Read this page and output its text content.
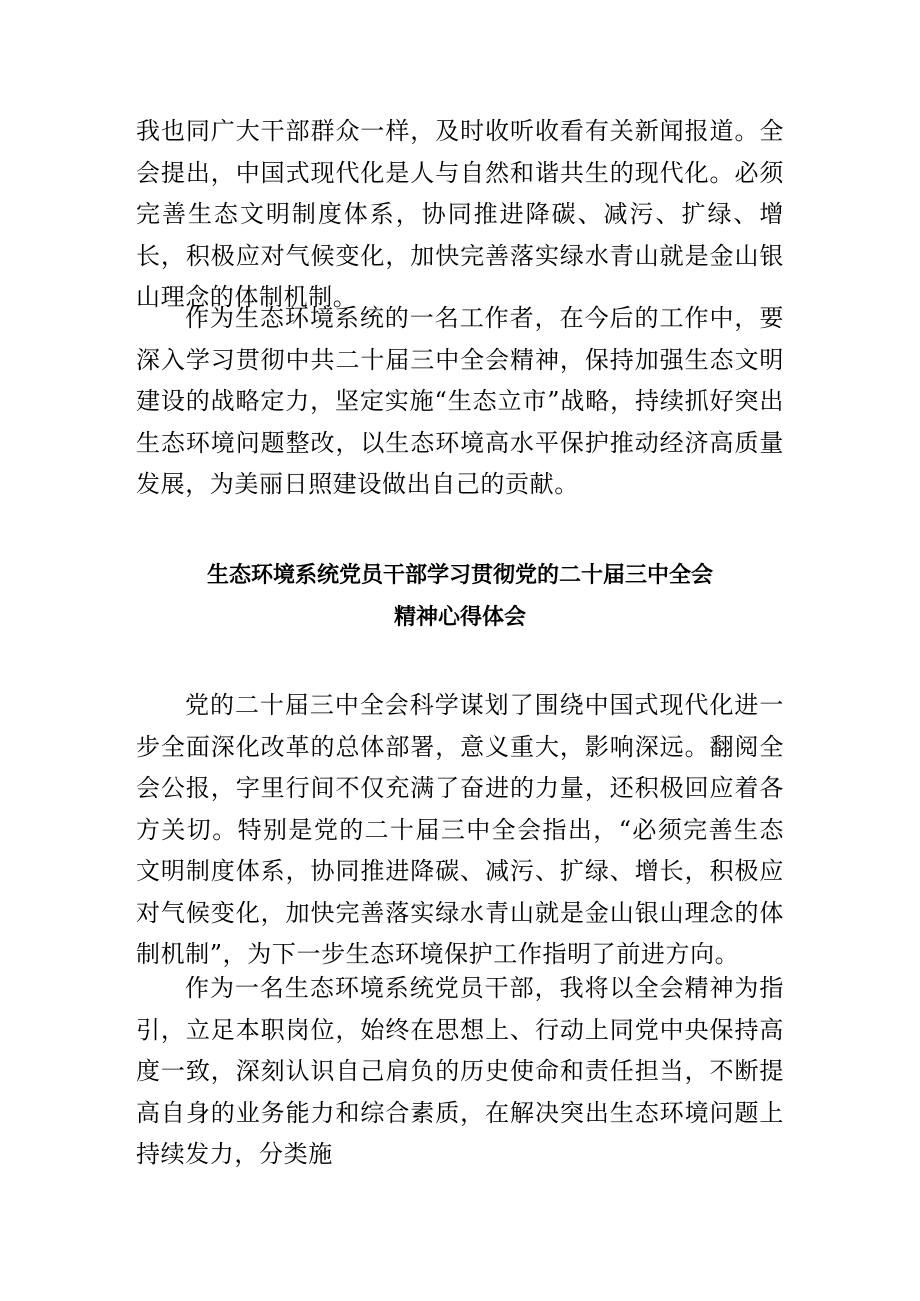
我也同广大干部群众一样，及时收听收看有关新闻报道。全会提出，中国式现代化是人与自然和谐共生的现代化。必须完善生态文明制度体系，协同推进降碳、减污、扩绿、增长，积极应对气候变化，加快完善落实绿水青山就是金山银山理念的体制机制。

作为生态环境系统的一名工作者，在今后的工作中，要深入学习贯彻中共二十届三中全会精神，保持加强生态文明建设的战略定力，坚定实施“生态立市”战略，持续抓好突出生态环境问题整改，以生态环境高水平保护推动经济高质量发展，为美丽日照建设做出自己的贡献。

生态环境系统党员干部学习贯彻党的二十届三中全会
精神心得体会

党的二十届三中全会科学谋划了围绕中国式现代化进一步全面深化改革的总体部署，意义重大，影响深远。翻阅全会公报，字里行间不仅充满了奋进的力量，还积极回应着各方关切。特别是党的二十届三中全会指出，“必须完善生态文明制度体系，协同推进降碳、减污、扩绿、增长，积极应对气候变化，加快完善落实绿水青山就是金山银山理念的体制机制”，为下一步生态环境保护工作指明了前进方向。

作为一名生态环境系统党员干部，我将以全会精神为指引，立足本职岗位，始终在思想上、行动上同党中央保持高度一致，深刻认识自己肩负的历史使命和责任担当，不断提高自身的业务能力和综合素质，在解决突出生态环境问题上持续发力，分类施
